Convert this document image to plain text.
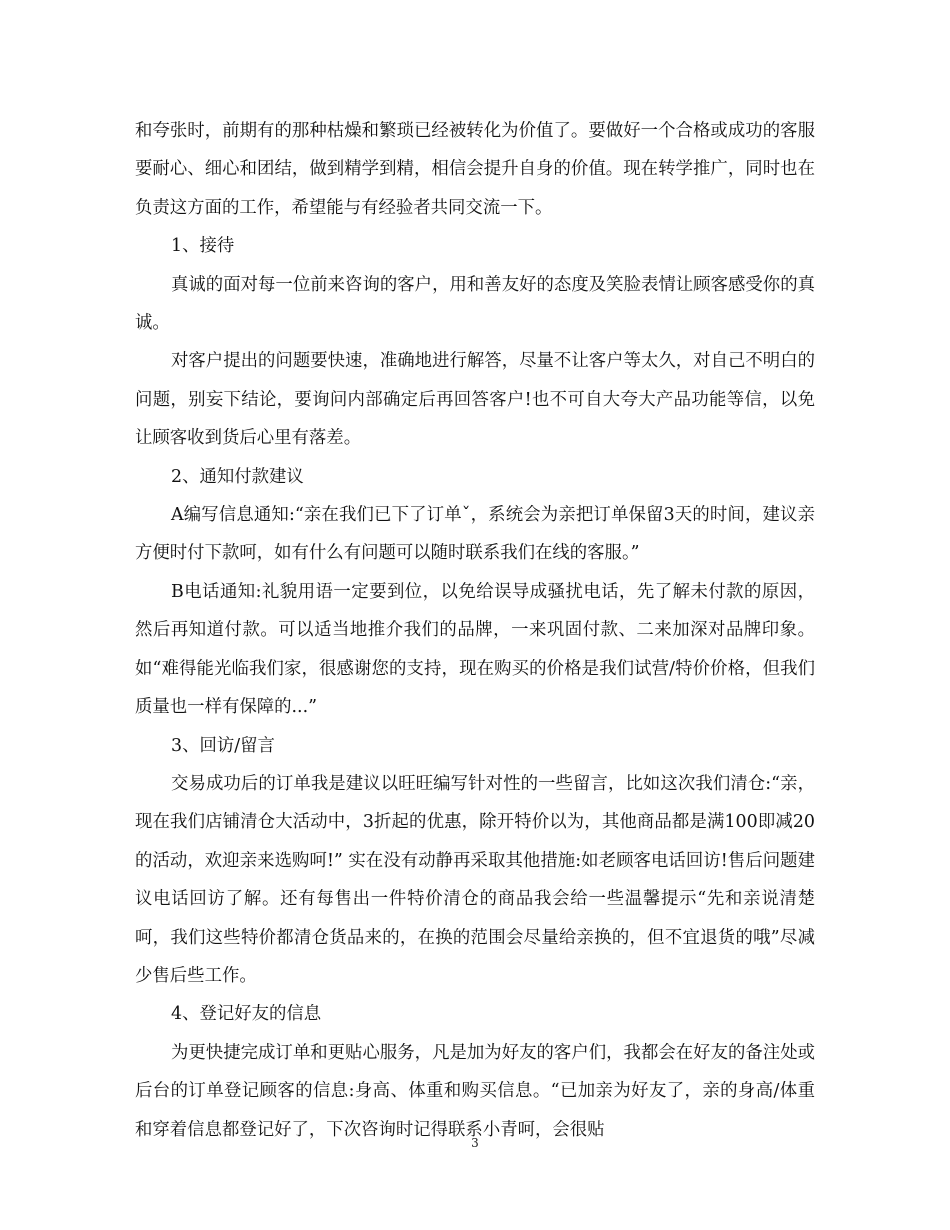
和夸张时，前期有的那种枯燥和繁琐已经被转化为价值了。要做好一个合格或成功的客服要耐心、细心和团结，做到精学到精，相信会提升自身的价值。现在转学推广，同时也在负责这方面的工作，希望能与有经验者共同交流一下。

1、接待

真诚的面对每一位前来咨询的客户，用和善友好的态度及笑脸表情让顾客感受你的真诚。

对客户提出的问题要快速，准确地进行解答，尽量不让客户等太久，对自己不明白的问题，别妄下结论，要询问内部确定后再回答客户!也不可自大夸大产品功能等信，以免让顾客收到货后心里有落差。

2、通知付款建议

A编写信息通知:“亲在我们已下了订单ˇ，系统会为亲把订单保留3天的时间，建议亲方便时付下款呵，如有什么有问题可以随时联系我们在线的客服。”

B电话通知:礼貌用语一定要到位，以免给误导成骚扰电话，先了解未付款的原因，然后再知道付款。可以适当地推介我们的品牌，一来巩固付款、二来加深对品牌印象。如“难得能光临我们家，很感谢您的支持，现在购买的价格是我们试营/特价价格，但我们质量也一样有保障的...”

3、回访/留言

交易成功后的订单我是建议以旺旺编写针对性的一些留言，比如这次我们清仓:“亲，现在我们店铺清仓大活动中，3折起的优惠，除开特价以为，其他商品都是满100即减20的活动，欢迎亲来选购呵!” 实在没有动静再采取其他措施:如老顾客电话回访!售后问题建议电话回访了解。还有每售出一件特价清仓的商品我会给一些温馨提示“先和亲说清楚呵，我们这些特价都清仓货品来的，在换的范围会尽量给亲换的，但不宜退货的哦”尽减少售后些工作。

4、登记好友的信息

为更快捷完成订单和更贴心服务，凡是加为好友的客户们，我都会在好友的备注处或后台的订单登记顾客的信息:身高、体重和购买信息。“已加亲为好友了，亲的身高/体重和穿着信息都登记好了，下次咨询时记得联系小青呵，会很贴

3
